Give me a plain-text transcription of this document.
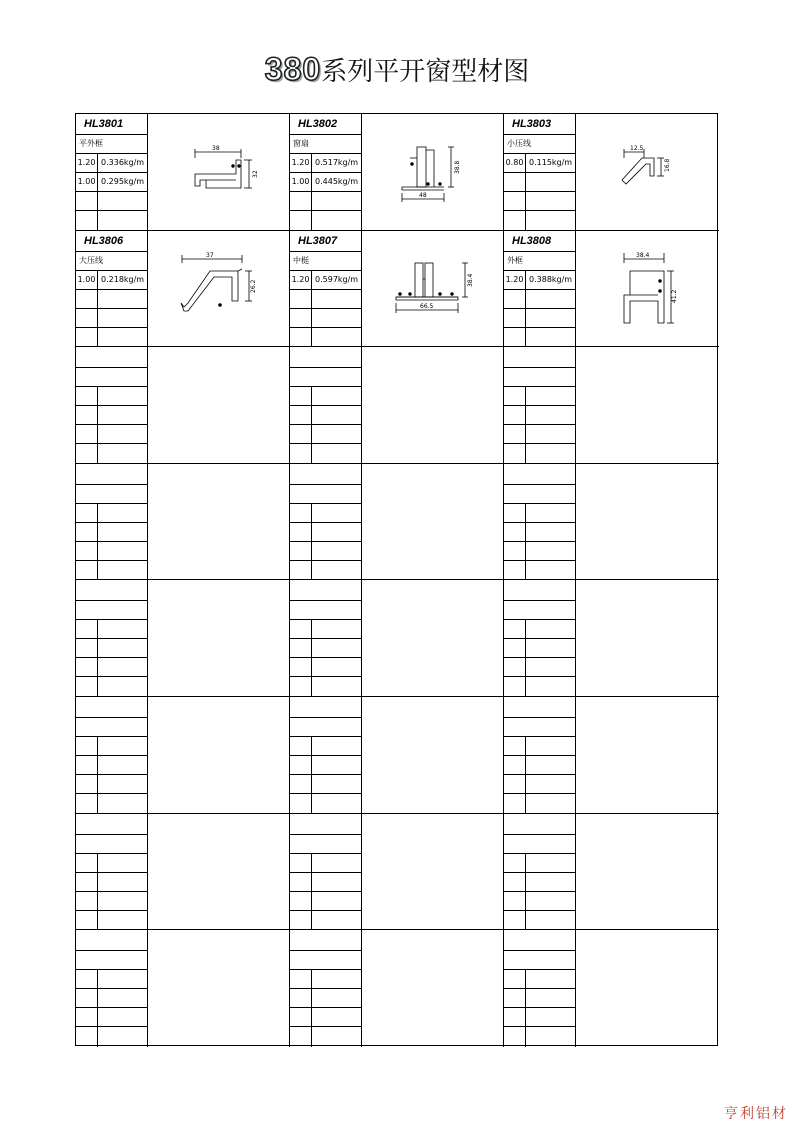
380系列平开窗型材图
HL3801
平外框
1.20 0.336kg/m
1.00 0.295kg/m
38
32
HL3802
窗扇
1.20 0.517kg/m
1.00 0.445kg/m
48
38.8
HL3803
小压线
0.80 0.115kg/m
12.5
16.8
HL3806
大压线
1.00 0.218kg/m
37
26.2
HL3807
中梃
1.20 0.597kg/m
66.5
38.4
HL3808
外框
1.20 0.388kg/m
38.4
41.2
亨利铝材
